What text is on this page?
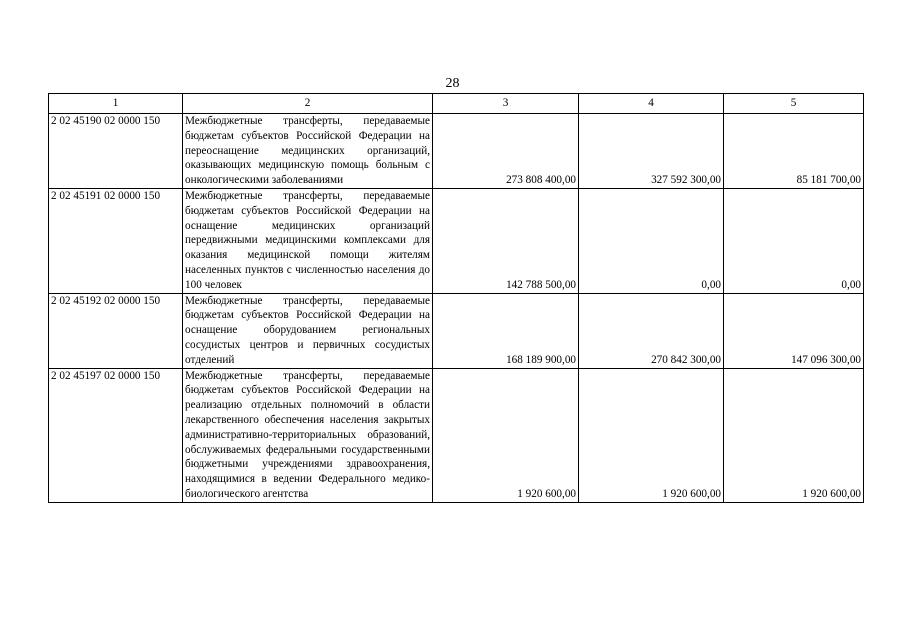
28
1	2	3	4	5
2 02 45190 02 0000 150	Межбюджетные трансферты, передаваемые бюджетам субъектов Российской Федерации на переоснащение медицинских организаций, оказывающих медицинскую помощь больным с онкологическими заболеваниями	273 808 400,00	327 592 300,00	85 181 700,00
2 02 45191 02 0000 150	Межбюджетные трансферты, передаваемые бюджетам субъектов Российской Федерации на оснащение медицинских организаций передвижными медицинскими комплексами для оказания медицинской помощи жителям населенных пунктов с численностью населения до 100 человек	142 788 500,00	0,00	0,00
2 02 45192 02 0000 150	Межбюджетные трансферты, передаваемые бюджетам субъектов Российской Федерации на оснащение оборудованием региональных сосудистых центров и первичных сосудистых отделений	168 189 900,00	270 842 300,00	147 096 300,00
2 02 45197 02 0000 150	Межбюджетные трансферты, передаваемые бюджетам субъектов Российской Федерации на реализацию отдельных полномочий в области лекарственного обеспечения населения закрытых административно-территориальных образований, обслуживаемых федеральными государственными бюджетными учреждениями здравоохранения, находящимися в ведении Федерального медико-биологического агентства	1 920 600,00	1 920 600,00	1 920 600,00
